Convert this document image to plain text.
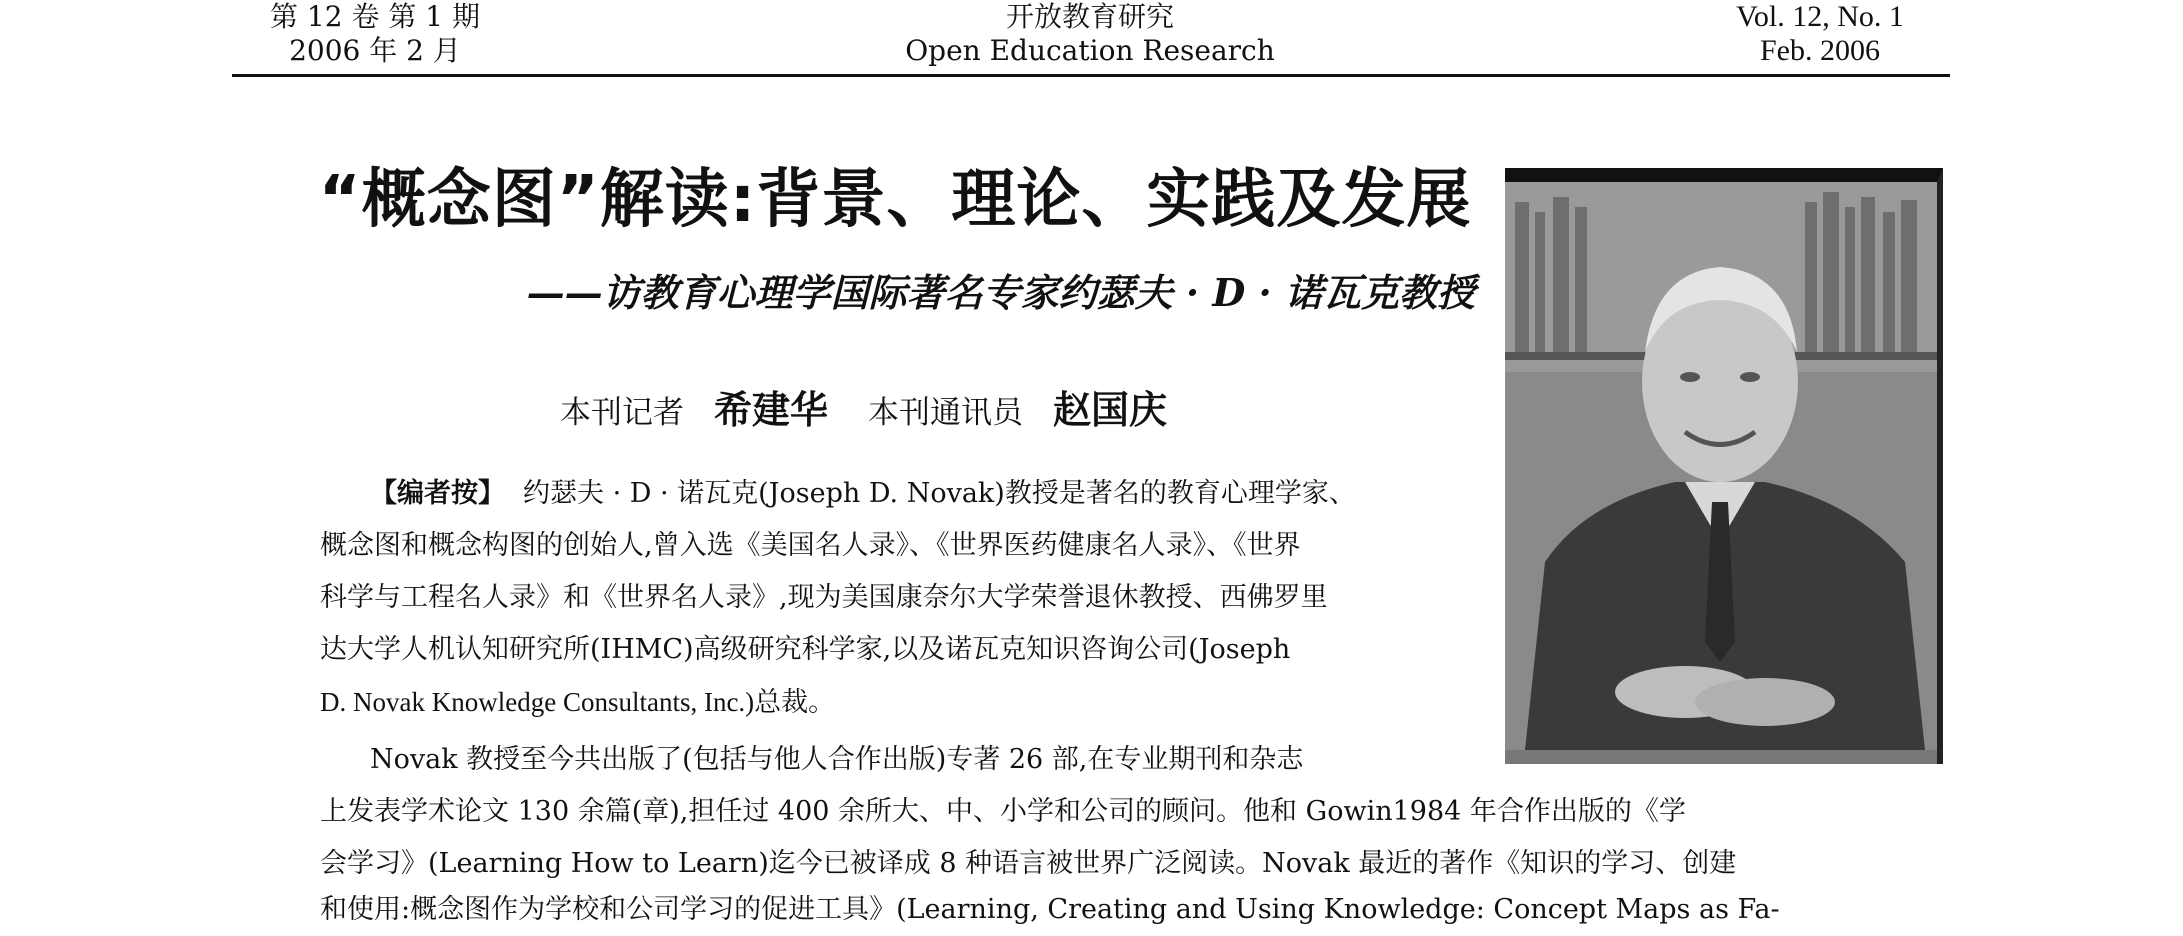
第 12 卷 第 1 期
2006 年 2 月
开放教育研究
Open Education Research
Vol. 12, No. 1
Feb. 2006
“概念图”解读:背景、理论、实践及发展
——访教育心理学国际著名专家约瑟夫 · D · 诺瓦克教授
本刊记者 希建华 本刊通讯员 赵国庆
【编者按】 约瑟夫 · D · 诺瓦克(Joseph D. Novak)教授是著名的教育心理学家、
概念图和概念构图的创始人,曾入选《美国名人录》、《世界医药健康名人录》、《世界
科学与工程名人录》和《世界名人录》,现为美国康奈尔大学荣誉退休教授、西佛罗里
达大学人机认知研究所(IHMC)高级研究科学家,以及诺瓦克知识咨询公司(Joseph
D. Novak Knowledge Consultants, Inc.)总裁。
Novak 教授至今共出版了(包括与他人合作出版)专著 26 部,在专业期刊和杂志
上发表学术论文 130 余篇(章),担任过 400 余所大、中、小学和公司的顾问。他和 Gowin1984 年合作出版的《学
会学习》(Learning How to Learn)迄今已被译成 8 种语言被世界广泛阅读。Novak 最近的著作《知识的学习、创建
和使用:概念图作为学校和公司学习的促进工具》(Learning, Creating and Using Knowledge: Concept Maps as Fa-
